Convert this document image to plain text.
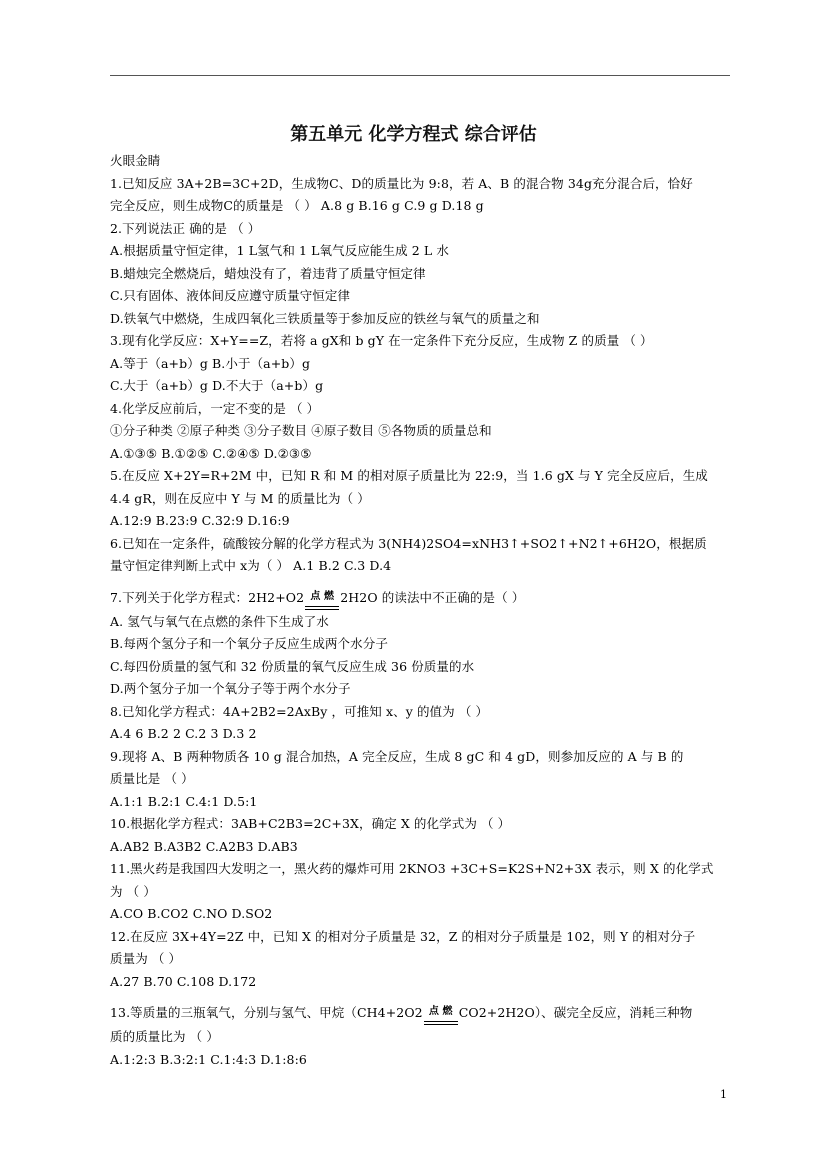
第五单元 化学方程式 综合评估
火眼金睛
1.已知反应 3A+2B=3C+2D，生成物C、D的质量比为 9:8，若 A、B 的混合物 34g充分混合后，恰好
完全反应，则生成物C的质量是 （ ） A.8 g B.16 g C.9 g D.18 g
2.下列说法正 确的是 （ ）
A.根据质量守恒定律，1 L氢气和 1 L氧气反应能生成 2 L 水
B.蜡烛完全燃烧后，蜡烛没有了，着违背了质量守恒定律
C.只有固体、液体间反应遵守质量守恒定律
D.铁氧气中燃烧，生成四氧化三铁质量等于参加反应的铁丝与氧气的质量之和
3.现有化学反应：X+Y==Z，若将 a gX和 b gY 在一定条件下充分反应，生成物 Z 的质量 （ ）
A.等于（a+b）g B.小于（a+b）g
C.大于（a+b）g D.不大于（a+b）g
4.化学反应前后，一定不变的是 （ ）
①分子种类 ②原子种类 ③分子数目 ④原子数目 ⑤各物质的质量总和
A.①③⑤ B.①②⑤ C.②④⑤ D.②③⑤
5.在反应 X+2Y=R+2M 中，已知 R 和 M 的相对原子质量比为 22:9，当 1.6 gX 与 Y 完全反应后，生成
4.4 gR，则在反应中 Y 与 M 的质量比为（ ）
A.12:9 B.23:9 C.32:9 D.16:9
6.已知在一定条件，硫酸铵分解的化学方程式为 3(NH4)2SO4=xNH3↑+SO2↑+N2↑+6H2O，根据质
量守恒定律判断上式中 x为（ ） A.1 B.2 C.3 D.4
7.下列关于化学方程式：2H2+O2 点 燃 2H2O 的读法中不正确的是（ ）
A. 氢气与氧气在点燃的条件下生成了水
B.每两个氢分子和一个氧分子反应生成两个水分子
C.每四份质量的氢气和 32 份质量的氧气反应生成 36 份质量的水
D.两个氢分子加一个氧分子等于两个水分子
8.已知化学方程式：4A+2B2=2AxBy ，可推知 x、y 的值为 （ ）
A.4 6 B.2 2 C.2 3 D.3 2
9.现将 A、B 两种物质各 10 g 混合加热，A 完全反应，生成 8 gC 和 4 gD，则参加反应的 A 与 B 的
质量比是 （ ）
A.1:1 B.2:1 C.4:1 D.5:1
10.根据化学方程式：3AB+C2B3=2C+3X，确定 X 的化学式为 （ ）
A.AB2 B.A3B2 C.A2B3 D.AB3
11.黑火药是我国四大发明之一，黑火药的爆炸可用 2KNO3 +3C+S=K2S+N2+3X 表示，则 X 的化学式
为 （ ）
A.CO B.CO2 C.NO D.SO2
12.在反应 3X+4Y=2Z 中，已知 X 的相对分子质量是 32，Z 的相对分子质量是 102，则 Y 的相对分子
质量为 （ ）
A.27 B.70 C.108 D.172
13.等质量的三瓶氧气，分别与氢气、甲烷（CH4+2O2 点 燃 CO2+2H2O）、碳完全反应，消耗三种物
质的质量比为 （ ）
A.1:2:3 B.3:2:1 C.1:4:3 D.1:8:6
1
